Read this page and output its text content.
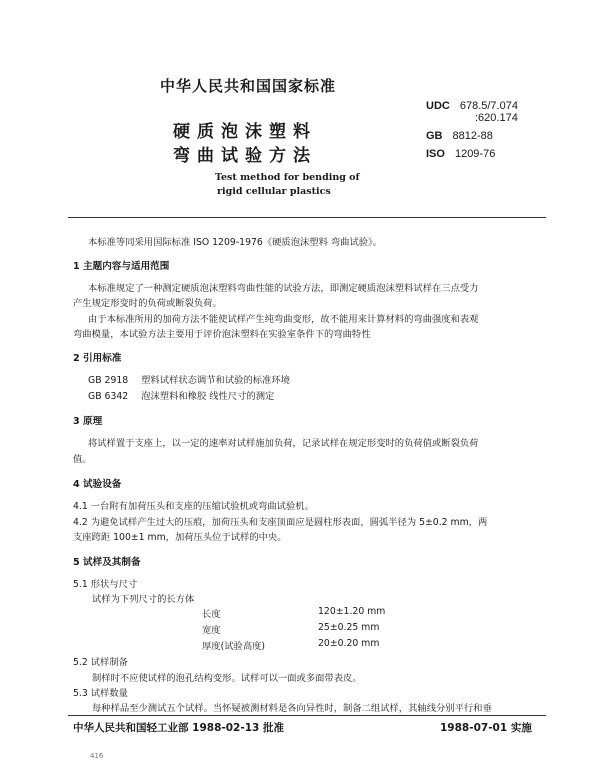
中华人民共和国国家标准
硬质泡沫塑料
弯曲试验方法
Test method for bending of
rigid cellular plastics
UDC 678.5/7.074
:620.174
GB 8812-88
ISO 1209-76
本标准等同采用国际标准 ISO 1209-1976《硬质泡沫塑料 弯曲试验》。
1 主题内容与适用范围
本标准规定了一种测定硬质泡沫塑料弯曲性能的试验方法，即测定硬质泡沫塑料试样在三点受力
产生规定形变时的负荷或断裂负荷。
由于本标准所用的加荷方法不能使试样产生纯弯曲变形，故不能用来计算材料的弯曲强度和表观
弯曲模量，本试验方法主要用于评价泡沫塑料在实验室条件下的弯曲特性
2 引用标准
GB 2918 塑料试样状态调节和试验的标准环境
GB 6342 泡沫塑料和橡胶 线性尺寸的测定
3 原理
将试样置于支座上，以一定的速率对试样施加负荷，记录试样在规定形变时的负荷值或断裂负荷
值。
4 试验设备
4.1 一台附有加荷压头和支座的压缩试验机或弯曲试验机。
4.2 为避免试样产生过大的压痕，加荷压头和支座顶面应是圆柱形表面，圆弧半径为 5±0.2 mm，两
支座跨距 100±1 mm，加荷压头位于试样的中央。
5 试样及其制备
5.1 形状与尺寸
试样为下列尺寸的长方体
长度	120±1.20 mm
宽度	25±0.25 mm
厚度(试验高度)	20±0.20 mm
5.2 试样制备
制样时不应使试样的泡孔结构变形。试样可以一面或多面带表皮。
5.3 试样数量
每种样品至少测试五个试样。当怀疑被测材料是各向异性时，制备二组试样，其轴线分别平行和垂
中华人民共和国轻工业部 1988-02-13 批准	1988-07-01 实施
416
